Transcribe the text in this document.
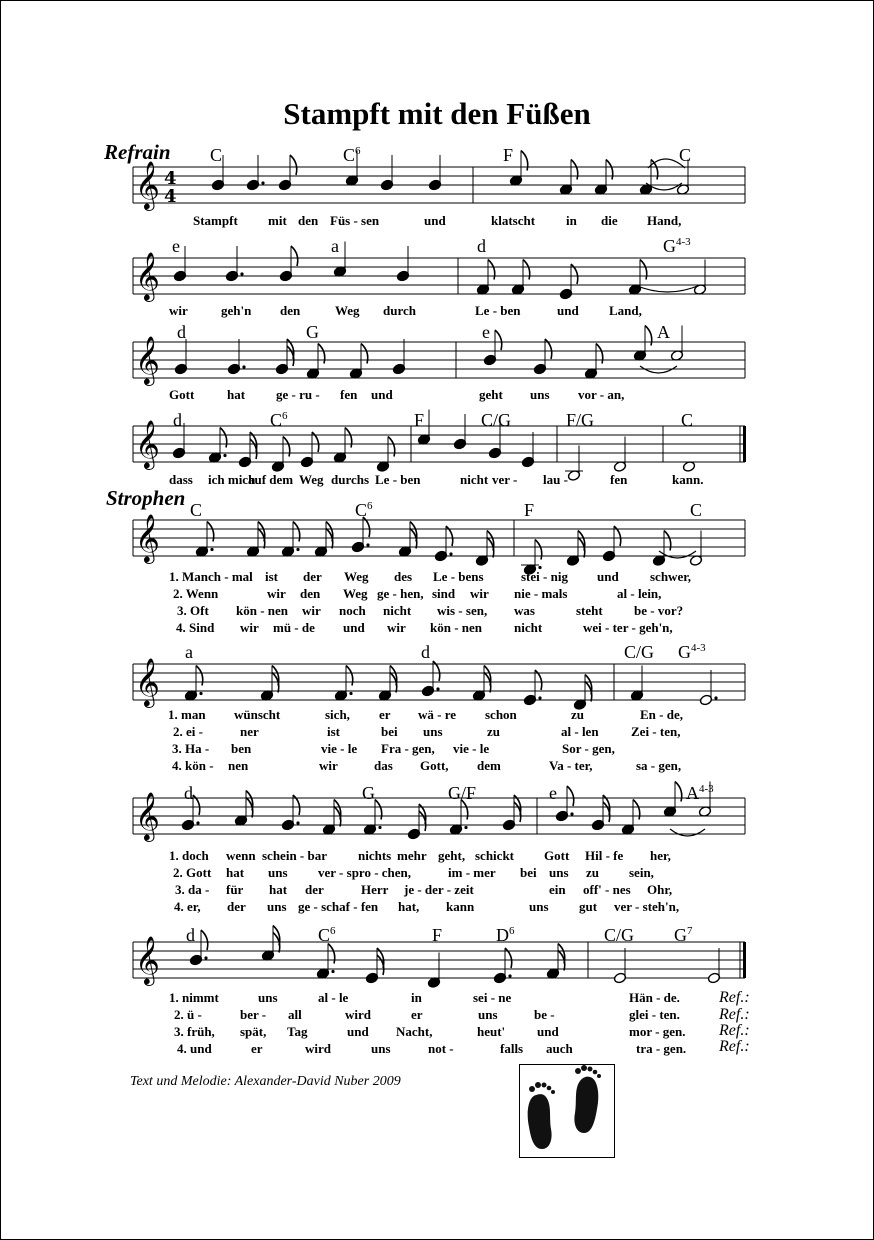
Stampft mit den Füßen
Refrain
Strophen
𝄞 4
4
𝄞
𝄞
𝄞
𝄞
𝄞
𝄞
𝄞
C	$C^6$	F	C
e	a	d	$G^{4-3}$
d	G	e	A
d	$C^6$	F	C/G	F/G	C
C	$C^6$	F	C
a	d	C/G $G^{4-3}$
d	G	G/F	e	$A^{4-3}$
d	$C^6$	F	$D^6$	C/G $G^7$
Stampft mit den Füs - sen	und	klatscht in die Hand,
wir	geh'n den	Weg durch	Le - ben	und Land,
Gott	hat ge - ru - fen und	geht uns vor - an,
dass ich mich
auf dem Weg durchs Le - ben	nicht ver - lau -	fen	kann.
1. Manch - mal ist der Weg des Le - bens	stei - nig und schwer,
2. Wenn	wir den Weg ge - hen, sind wir nie - mals	al - lein,
3. Oft kön - nen wir noch nicht wis - sen, was	steht be - vor?
4. Sind wir mü - de und wir kön - nen nicht	wei - ter - geh'n,
1. man wünscht	sich, er wä - re schon	zu	En - de,
2. ei -	ner	ist	bei uns	zu	al - len Zei - ten,
3. Ha - ben	vie - le Fra - gen, vie - le	Sor - gen,
4. kön - nen	wir	das Gott, dem	Va - ter,	sa - gen,
1. doch wenn schein - bar nichts mehr geht, schickt Gott Hil - fe her,
2. Gott hat uns ver - spro - chen,	im - mer bei uns zu sein,
3. da - für hat der	Herr je - der - zeit	ein off' - nes Ohr,
4. er, der uns ge - schaf - fen hat, kann	uns gut ver - steh'n,
1. nimmt	uns	al - le	in	sei - ne	Hän - de.
2. ü -	ber - all	wird	er	uns	be -	glei - ten.
3. früh, spät, Tag	und Nacht,	heut' und	mor - gen.
4. und	er	wird	uns	not -	falls auch	tra - gen.
Ref.:
Ref.:
Ref.:
Ref.:
Text und Melodie: Alexander-David Nuber 2009
